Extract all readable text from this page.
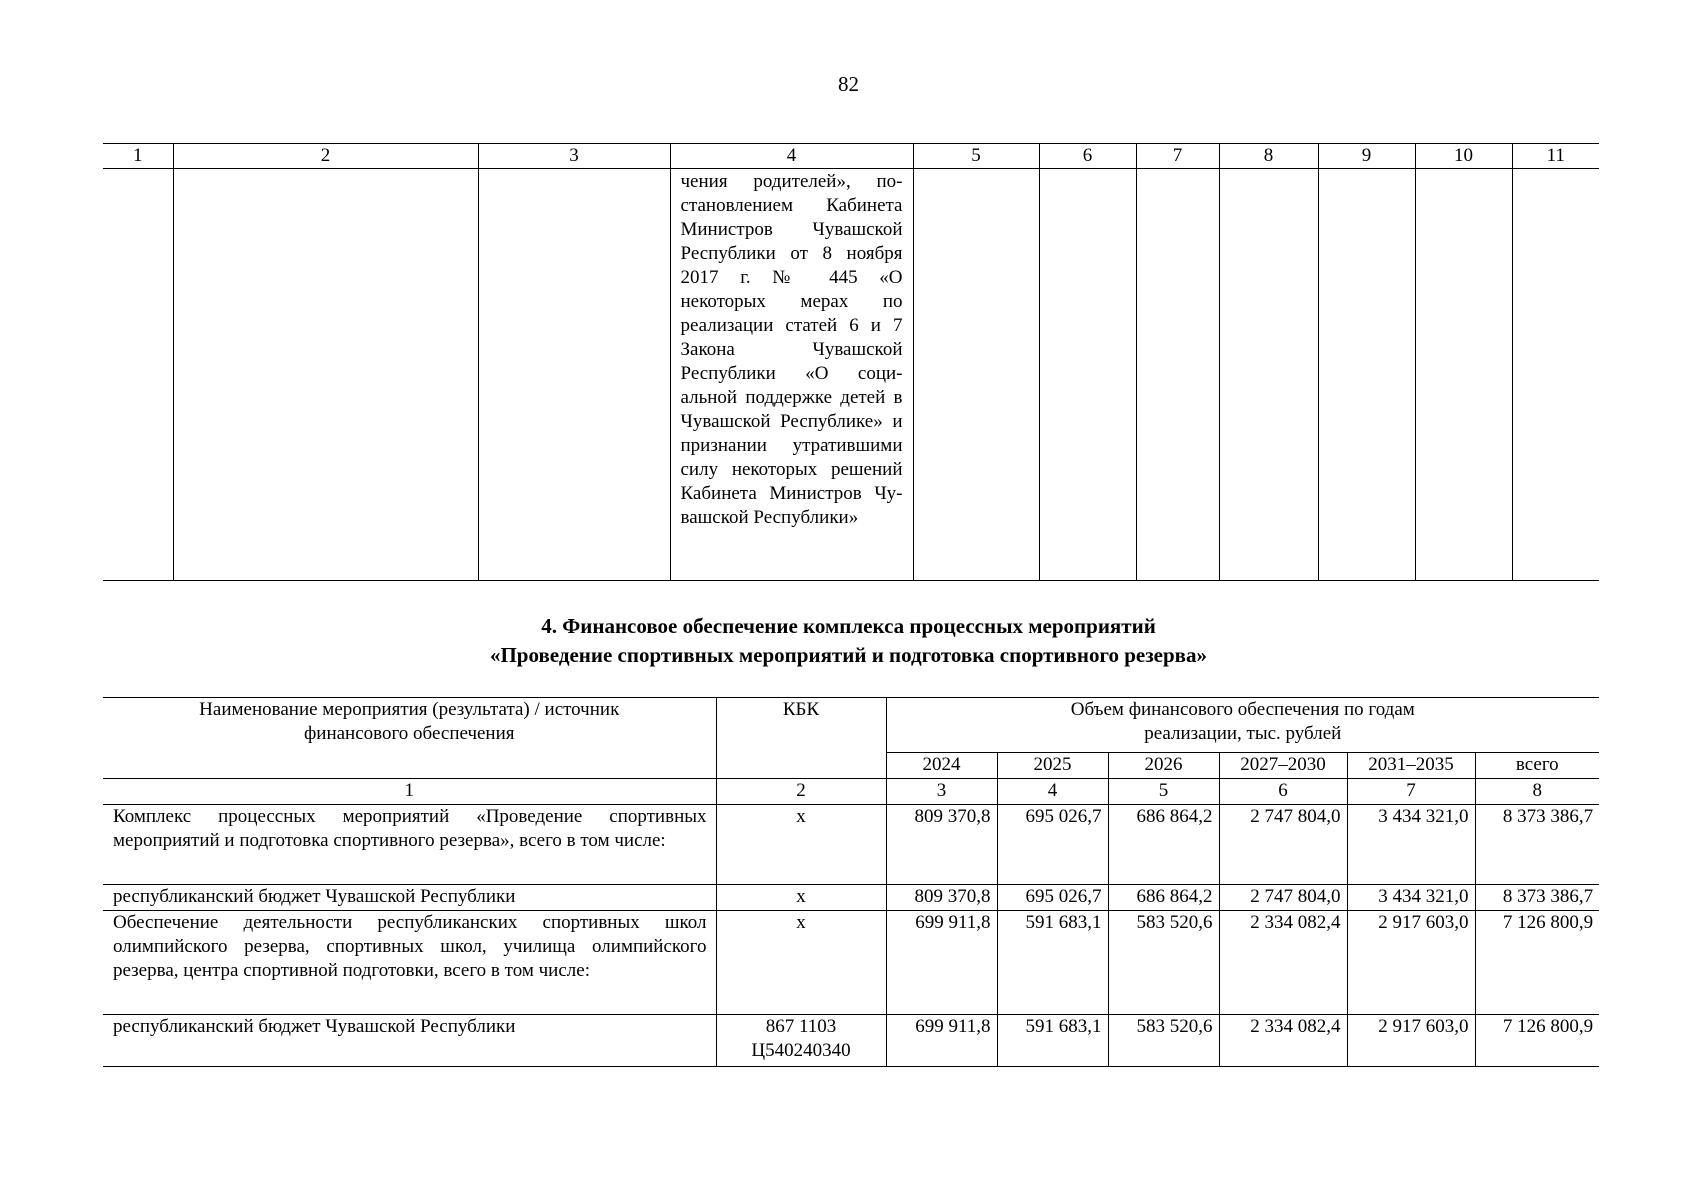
82
1	2	3	4	5	6	7	8	9	10	11
			чения родителей», постановлением Кабинета Министров Чувашской Республики от 8 ноября 2017 г. № 445 «О некоторых мерах по реализации статей 6 и 7 Закона Чувашской Республики «О социальной поддержке детей в Чувашской Республике» и признании утратившими силу некоторых решений Кабинета Министров Чувашской Республики»							
4. Финансовое обеспечение комплекса процессных мероприятий
«Проведение спортивных мероприятий и подготовка спортивного резерва»
Наименование мероприятия (результата) / источник финансового обеспечения	КБК	Объем финансового обеспечения по годам реализации, тыс. рублей					
		2024	2025	2026	2027–2030	2031–2035	всего
1	2	3	4	5	6	7	8
Комплекс процессных мероприятий «Проведение спортивных мероприятий и подготовка спортивного резерва», всего в том числе:	х	809 370,8	695 026,7	686 864,2	2 747 804,0	3 434 321,0	8 373 386,7
республиканский бюджет Чувашской Республики	х	809 370,8	695 026,7	686 864,2	2 747 804,0	3 434 321,0	8 373 386,7
Обеспечение деятельности республиканских спортивных школ олимпийского резерва, спортивных школ, училища олимпийского резерва, центра спортивной подготовки, всего в том числе:	х	699 911,8	591 683,1	583 520,6	2 334 082,4	2 917 603,0	7 126 800,9
республиканский бюджет Чувашской Республики	867 1103 Ц540240340	699 911,8	591 683,1	583 520,6	2 334 082,4	2 917 603,0	7 126 800,9
